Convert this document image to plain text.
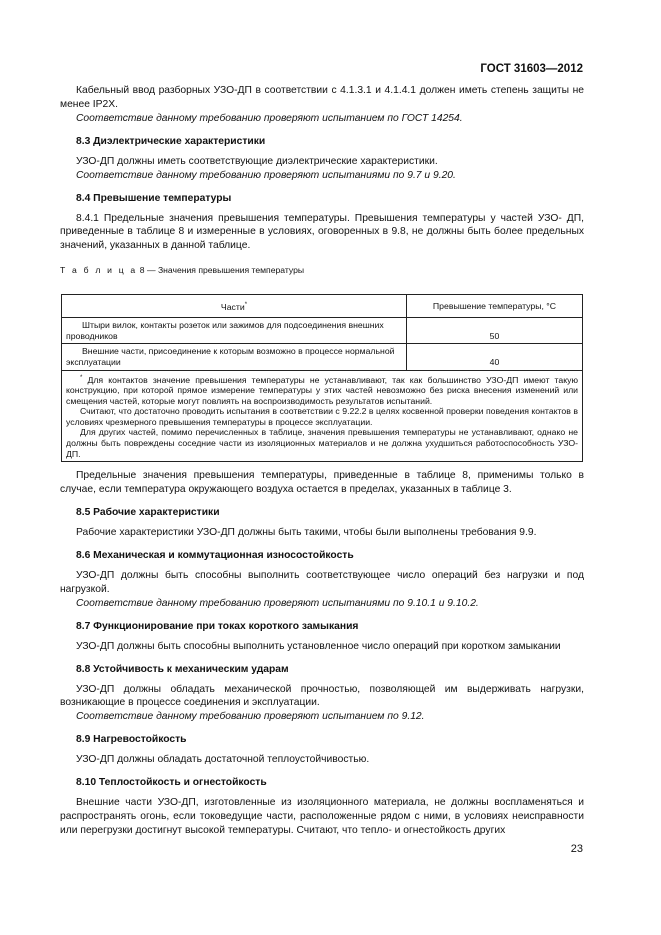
ГОСТ 31603—2012

Кабельный ввод разборных УЗО-ДП в соответствии с 4.1.3.1 и 4.1.4.1 должен иметь степень защиты не менее IP2X.

Соответствие данному требованию проверяют испытанием по ГОСТ 14254.

8.3 Диэлектрические характеристики

УЗО-ДП должны иметь соответствующие диэлектрические характеристики.

Соответствие данному требованию проверяют испытаниями по 9.7 и 9.20.

8.4 Превышение температуры

8.4.1 Предельные значения превышения температуры. Превышения температуры у частей УЗО- ДП, приведенные в таблице 8 и измеренные в условиях, оговоренных в 9.8, не должны быть более предельных значений, указанных в данной таблице.

Т а б л и ц а 8 — Значения превышения температуры
Части*	Превышение температуры, °С

Штыри вилок, контакты розеток или зажимов для подсоединения внешних проводников	50

Внешние части, присоединение к которым возможно в процессе нормальной эксплуатации	40

* Для контактов значение превышения температуры не устанавливают, так как большинство УЗО-ДП имеют такую конструкцию, при которой прямое измерение температуры у этих частей невозможно без риска внесения изменений или смещения частей, которые могут повлиять на воспроизводимость результатов испытаний.

Считают, что достаточно проводить испытания в соответствии с 9.22.2 в целях косвенной проверки поведения контактов в условиях чрезмерного превышения температуры в процессе эксплуатации.

Для других частей, помимо перечисленных в таблице, значения превышения температуры не устанавливают, однако не должны быть повреждены соседние части из изоляционных материалов и не должна ухудшиться работоспособность УЗО-ДП.	

Предельные значения превышения температуры, приведенные в таблице 8, применимы только в случае, если температура окружающего воздуха остается в пределах, указанных в таблице 3.

8.5 Рабочие характеристики

Рабочие характеристики УЗО-ДП должны быть такими, чтобы были выполнены требования 9.9.

8.6 Механическая и коммутационная износостойкость

УЗО-ДП должны быть способны выполнить соответствующее число операций без нагрузки и под нагрузкой.

Соответствие данному требованию проверяют испытаниями по 9.10.1 и 9.10.2.

8.7 Функционирование при токах короткого замыкания

УЗО-ДП должны быть способны выполнить установленное число операций при коротком замыкании

8.8 Устойчивость к механическим ударам

УЗО-ДП должны обладать механической прочностью, позволяющей им выдерживать нагрузки, возникающие в процессе соединения и эксплуатации.

Соответствие данному требованию проверяют испытанием по 9.12.

8.9 Нагревостойкость

УЗО-ДП должны обладать достаточной теплоустойчивостью.

8.10 Теплостойкость и огнестойкость

Внешние части УЗО-ДП, изготовленные из изоляционного материала, не должны воспламеняться и распространять огонь, если токоведущие части, расположенные рядом с ними, в условиях неисправности или перегрузки достигнут высокой температуры. Считают, что тепло- и огнестойкость других

23
